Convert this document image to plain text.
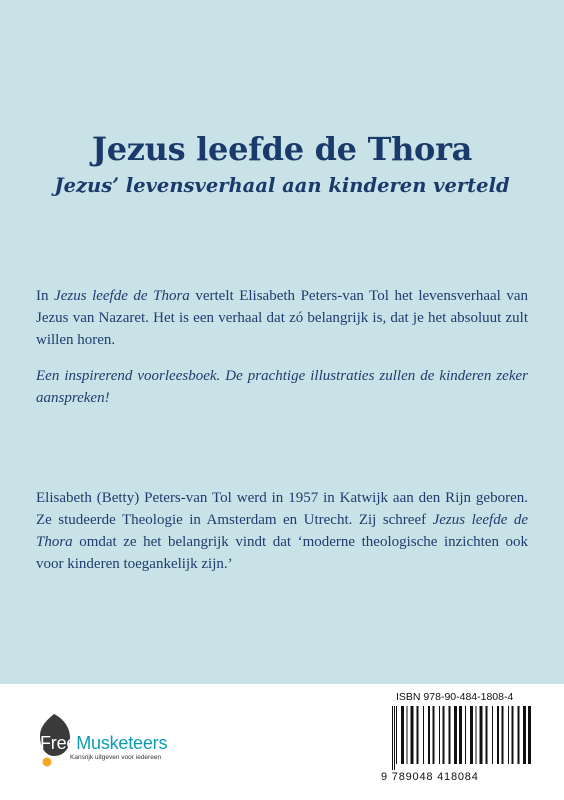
Jezus leefde de Thora
Jezus’ levensverhaal aan kinderen verteld
In Jezus leefde de Thora vertelt Elisabeth Peters-van Tol het levensverhaal van Jezus van Nazaret. Het is een verhaal dat zó belangrijk is, dat je het absoluut zult willen horen.
Een inspirerend voorleesboek. De prachtige illustraties zullen de kinderen zeker aanspreken!
Elisabeth (Betty) Peters-van Tol werd in 1957 in Katwijk aan den Rijn geboren. Ze studeerde Theologie in Amsterdam en Utrecht. Zij schreef Jezus leefde de Thora omdat ze het belangrijk vindt dat ‘moderne theologische inzichten ook voor kinderen toegankelijk zijn.’
FreeMusketeers
Kansrijk uitgeven voor iedereen
ISBN 978-90-484-1808-4
9 789048 418084
